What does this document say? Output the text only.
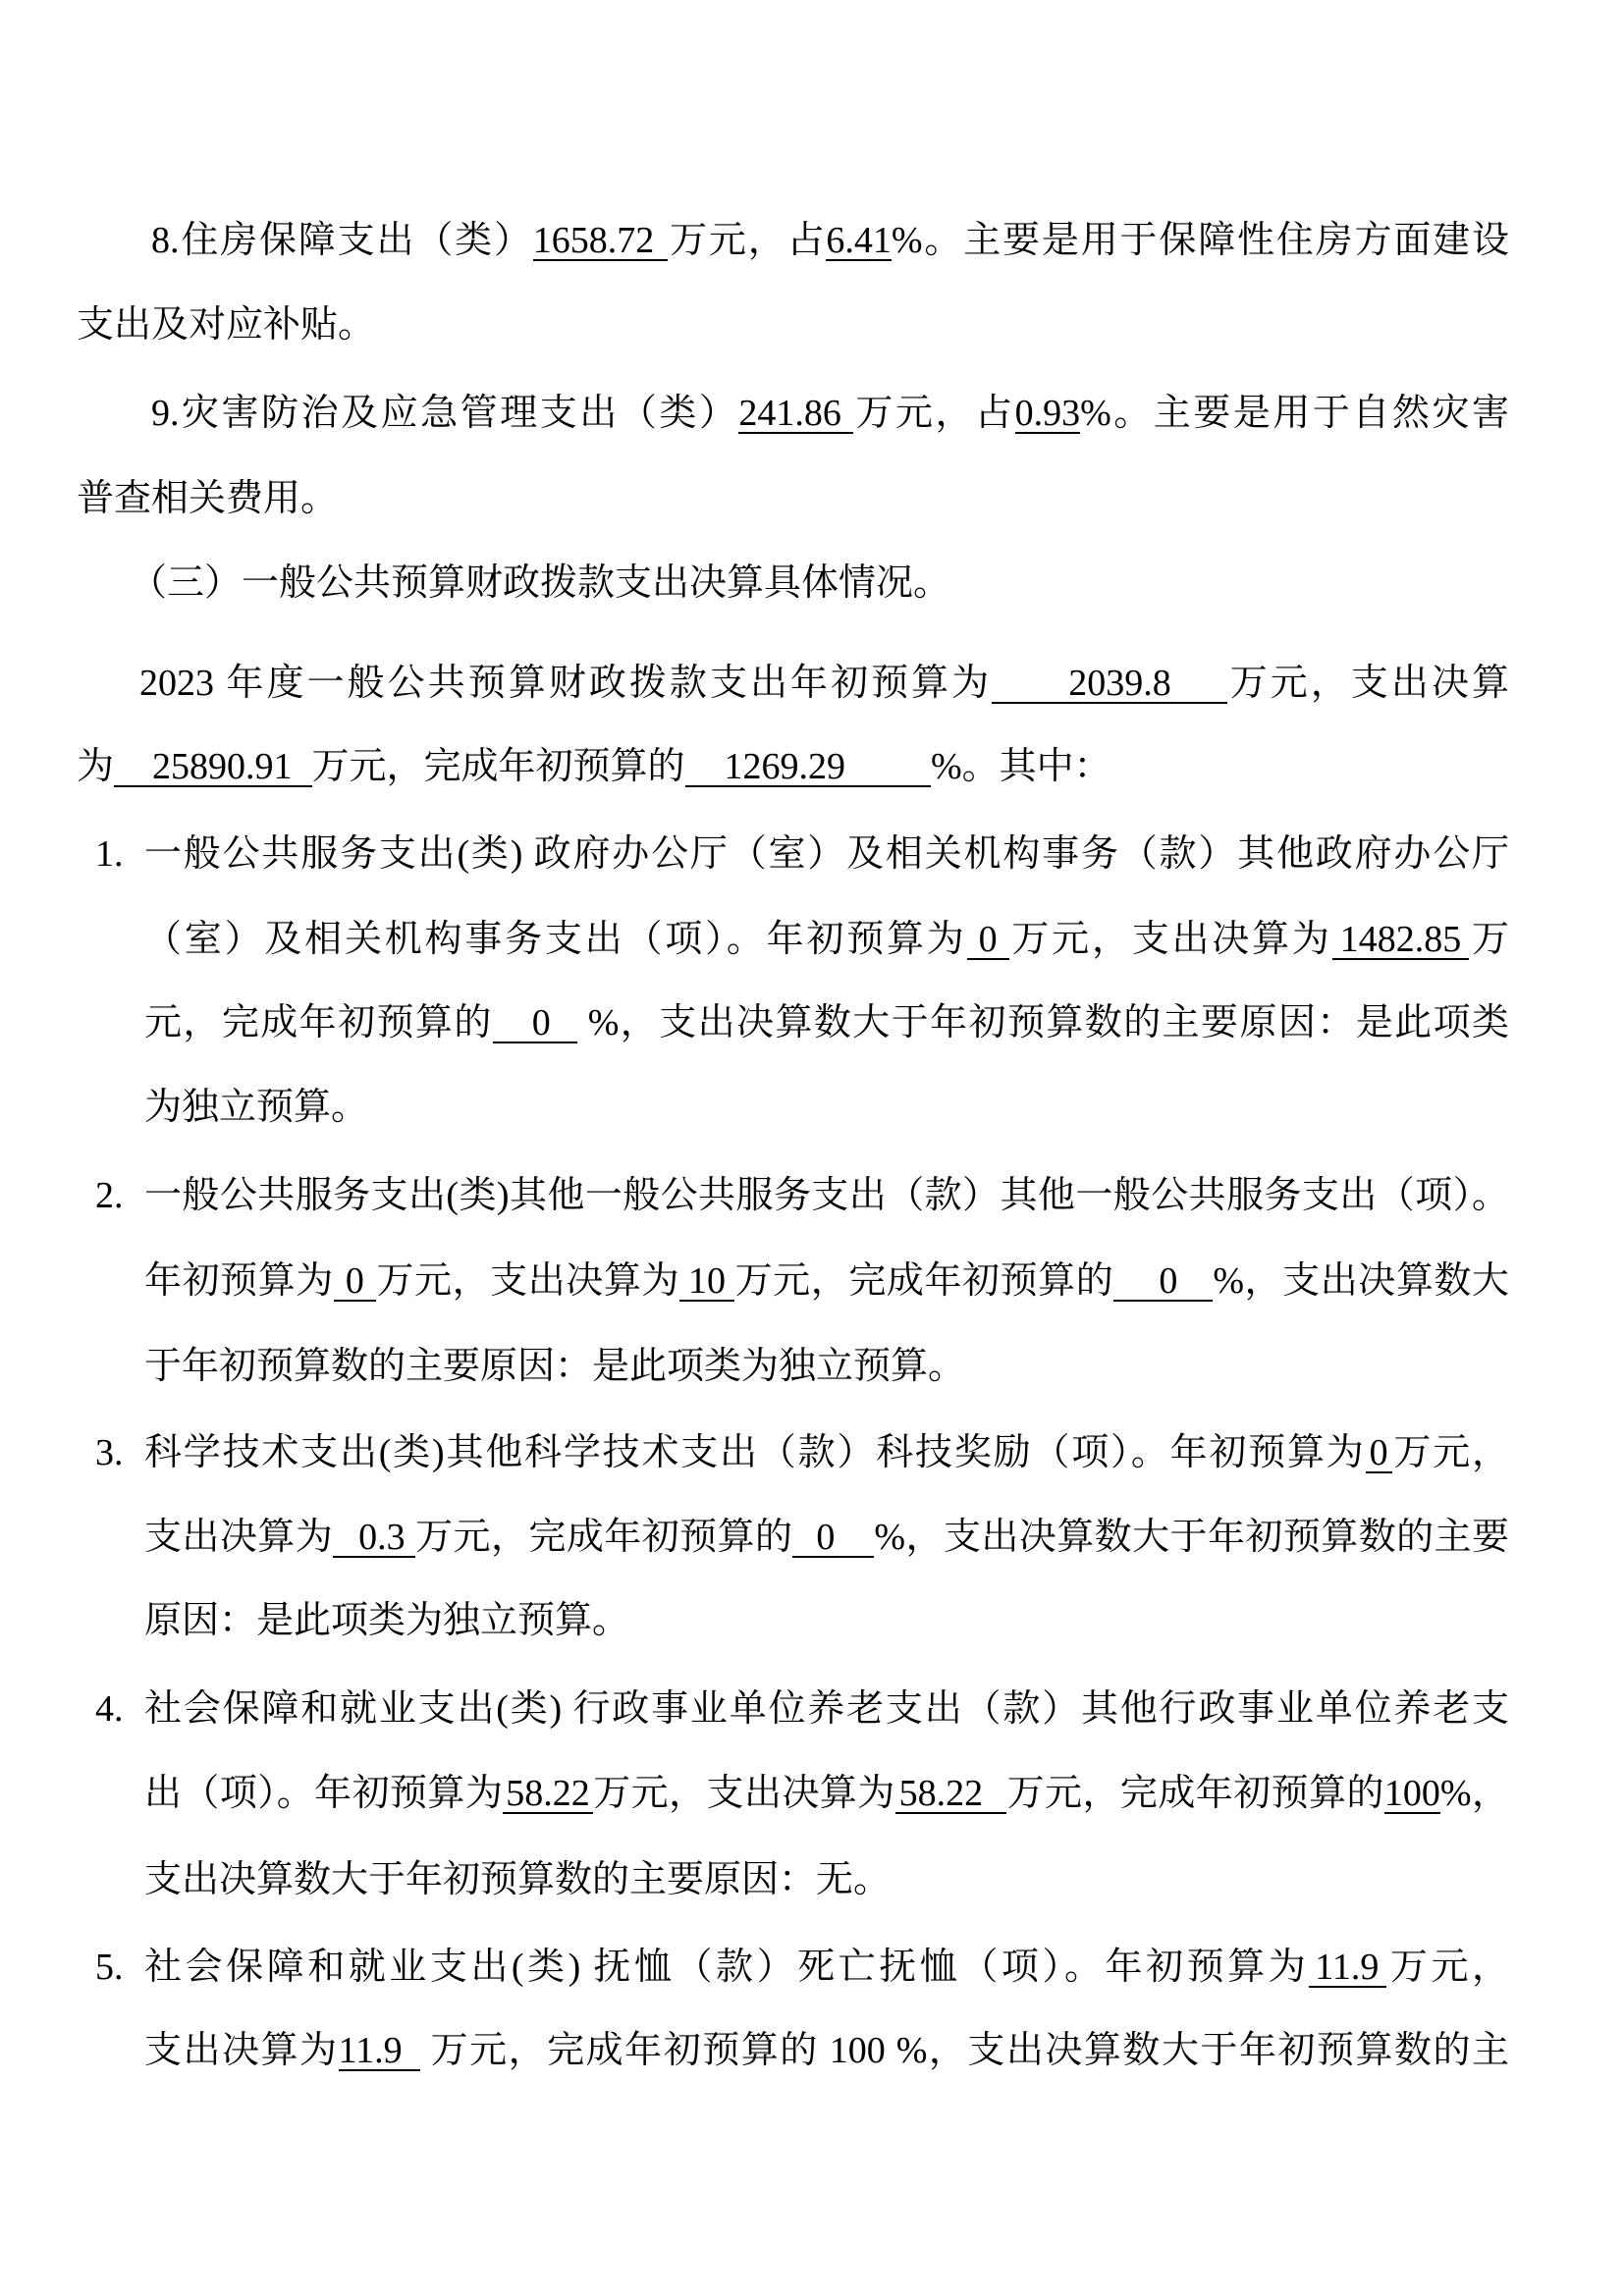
8.住房保障支出（类）1658.72 万元，占6.41%。主要是用于保障性住房方面建设
支出及对应补贴。
9.灾害防治及应急管理支出（类）241.86 万元，占0.93%。主要是用于自然灾害
普查相关费用。
（三）一般公共预算财政拨款支出决算具体情况。
2023 年度一般公共预算财政拨款支出年初预算为 2039.8 万元，支出决算
为 25890.91 万元，完成年初预算的 1269.29 %。其中：
1. 一般公共服务支出(类) 政府办公厅（室）及相关机构事务（款）其他政府办公厅
（室）及相关机构事务支出（项）。年初预算为 0 万元，支出决算为 1482.85 万
元，完成年初预算的 0 %，支出决算数大于年初预算数的主要原因：是此项类
为独立预算。
2. 一般公共服务支出(类)其他一般公共服务支出（款）其他一般公共服务支出（项）。
年初预算为 0 万元，支出决算为 10 万元，完成年初预算的 0 %，支出决算数大
于年初预算数的主要原因：是此项类为独立预算。
3. 科学技术支出(类)其他科学技术支出（款）科技奖励（项）。年初预算为 0 万元，
支出决算为 0.3 万元，完成年初预算的 0 %，支出决算数大于年初预算数的主要
原因：是此项类为独立预算。
4. 社会保障和就业支出(类) 行政事业单位养老支出（款）其他行政事业单位养老支
出（项）。年初预算为58.22万元，支出决算为 58.22 万元，完成年初预算的100%，
支出决算数大于年初预算数的主要原因：无。
5. 社会保障和就业支出(类) 抚恤（款）死亡抚恤（项）。年初预算为 11.9 万元，
支出决算为11.9 万元，完成年初预算的 100 %，支出决算数大于年初预算数的主
